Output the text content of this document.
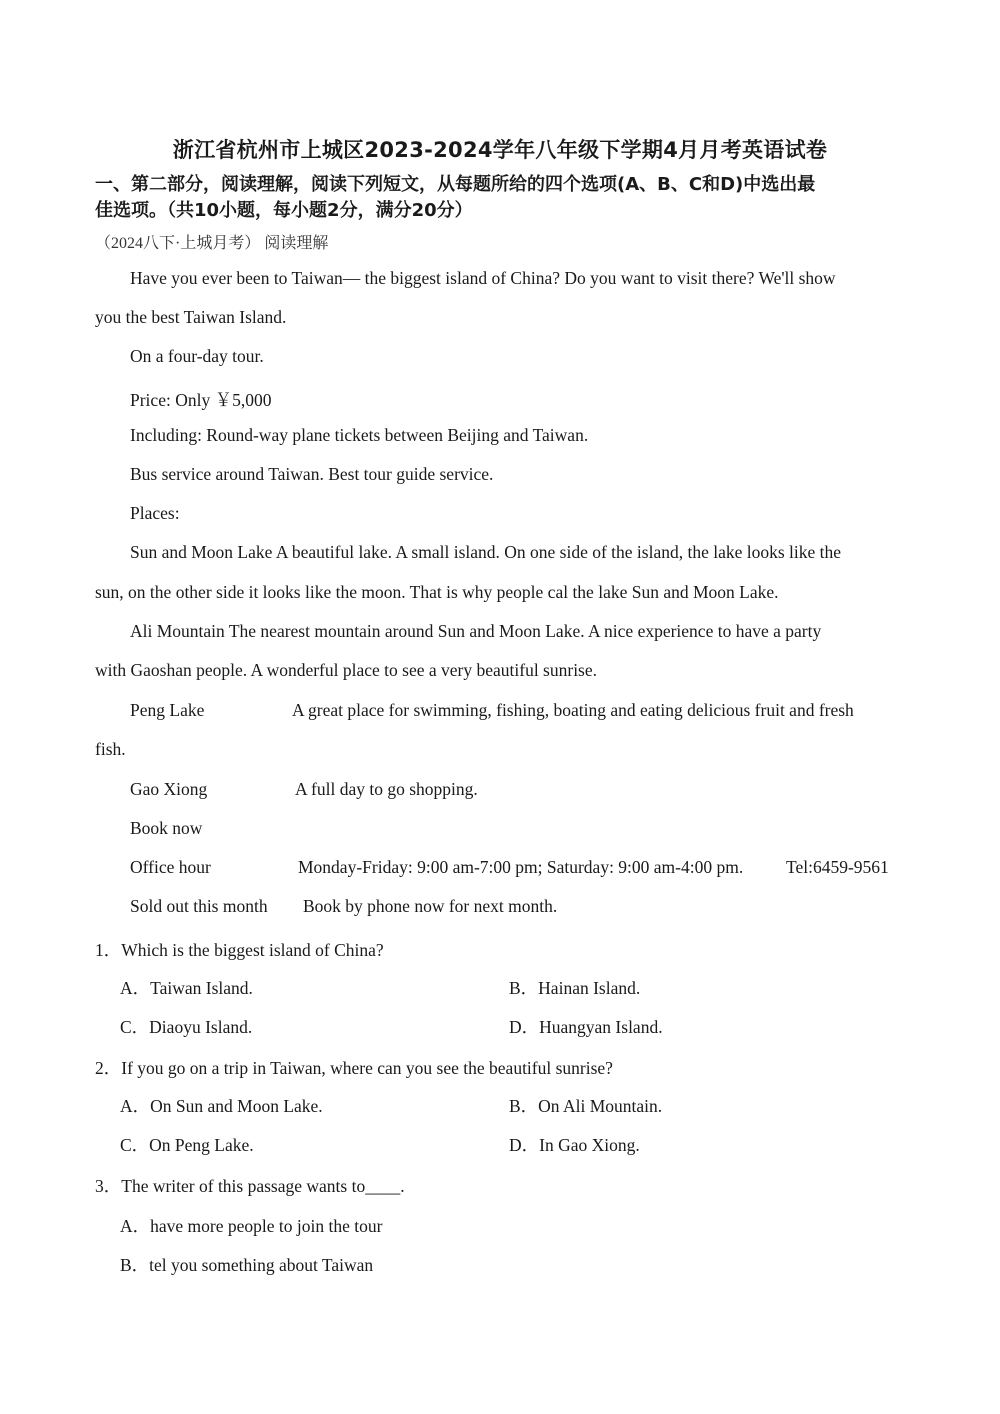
浙江省杭州市上城区2023-2024学年八年级下学期4月月考英语试卷
一、第二部分，阅读理解，阅读下列短文，从每题所给的四个选项(A、B、C和D)中选出最
佳选项。（共10小题，每小题2分，满分20分）
（2024八下·上城月考） 阅读理解
Have you ever been to Taiwan— the biggest island of China? Do you want to visit there? We'll show
you the best Taiwan Island.
On a four-day tour.
Price: Only ￥5,000
Including: Round-way plane tickets between Beijing and Taiwan.
Bus service around Taiwan. Best tour guide service.
Places:
Sun and Moon Lake A beautiful lake. A small island. On one side of the island, the lake looks like the
sun, on the other side it looks like the moon. That is why people cal the lake Sun and Moon Lake.
Ali Mountain The nearest mountain around Sun and Moon Lake. A nice experience to have a party
with Gaoshan people. A wonderful place to see a very beautiful sunrise.
Peng Lake	A great place for swimming, fishing, boating and eating delicious fruit and fresh
fish.
Gao Xiong	A full day to go shopping.
Book now
Office hour	Monday-Friday: 9:00 am-7:00 pm; Saturday: 9:00 am-4:00 pm. Tel:6459-9561
Sold out this month Book by phone now for next month.
1．Which is the biggest island of China?
A．Taiwan Island.	B．Hainan Island.
C．Diaoyu Island.	D．Huangyan Island.
2．If you go on a trip in Taiwan, where can you see the beautiful sunrise?
A．On Sun and Moon Lake.	B．On Ali Mountain.
C．On Peng Lake.	D．In Gao Xiong.
3．The writer of this passage wants to____.
A．have more people to join the tour
B．tel you something about Taiwan
